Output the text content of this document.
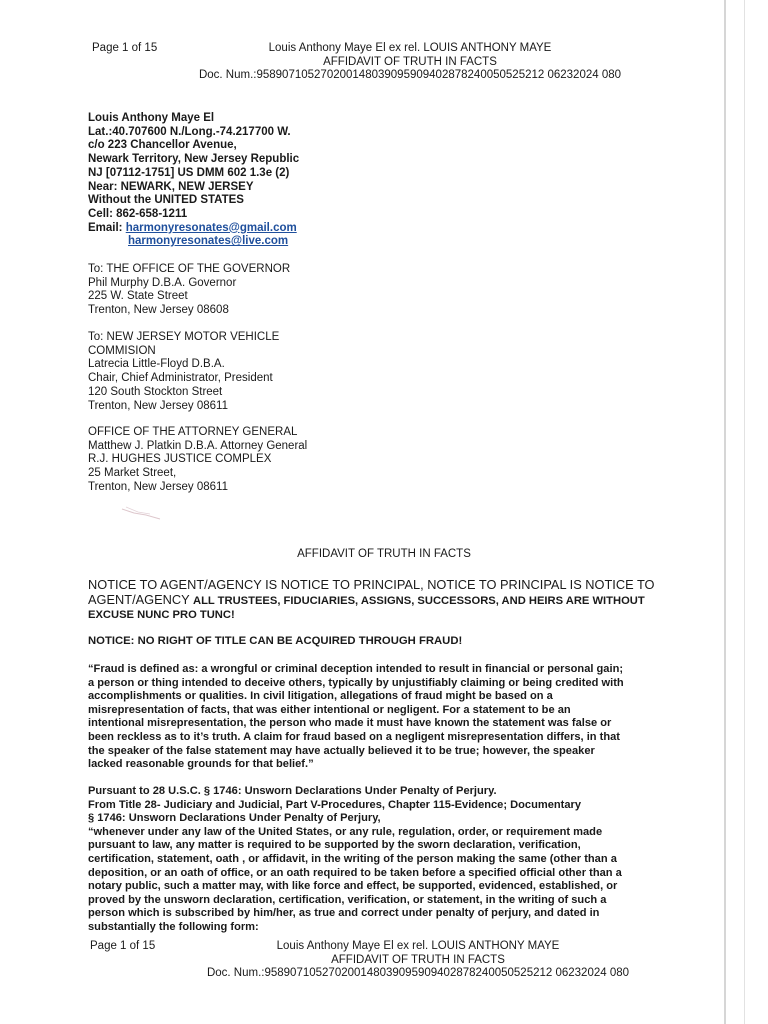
Page 1 of 15	Louis Anthony Maye El ex rel. LOUIS ANTHONY MAYE
AFFIDAVIT OF TRUTH IN FACTS
Doc. Num.:958907105270200148039095909402878240050525212 06232024 080
Louis Anthony Maye El
Lat.:40.707600 N./Long.-74.217700 W.
c/o 223 Chancellor Avenue,
Newark Territory, New Jersey Republic
NJ [07112-1751] US DMM 602 1.3e (2)
Near: NEWARK, NEW JERSEY
Without the UNITED STATES
Cell: 862-658-1211
Email: harmonyresonates@gmail.com
harmonyresonates@live.com
To: THE OFFICE OF THE GOVERNOR
Phil Murphy D.B.A. Governor
225 W. State Street
Trenton, New Jersey 08608
To: NEW JERSEY MOTOR VEHICLE
COMMISION
Latrecia Little-Floyd D.B.A.
Chair, Chief Administrator, President
120 South Stockton Street
Trenton, New Jersey 08611
OFFICE OF THE ATTORNEY GENERAL
Matthew J. Platkin D.B.A. Attorney General
R.J. HUGHES JUSTICE COMPLEX
25 Market Street,
Trenton, New Jersey 08611
AFFIDAVIT OF TRUTH IN FACTS
NOTICE TO AGENT/AGENCY IS NOTICE TO PRINCIPAL, NOTICE TO PRINCIPAL IS NOTICE TO
AGENT/AGENCY ALL TRUSTEES, FIDUCIARIES, ASSIGNS, SUCCESSORS, AND HEIRS ARE WITHOUT
EXCUSE NUNC PRO TUNC!
NOTICE: NO RIGHT OF TITLE CAN BE ACQUIRED THROUGH FRAUD!
“Fraud is defined as: a wrongful or criminal deception intended to result in financial or personal gain;
a person or thing intended to deceive others, typically by unjustifiably claiming or being credited with
accomplishments or qualities. In civil litigation, allegations of fraud might be based on a
misrepresentation of facts, that was either intentional or negligent. For a statement to be an
intentional misrepresentation, the person who made it must have known the statement was false or
been reckless as to it’s truth. A claim for fraud based on a negligent misrepresentation differs, in that
the speaker of the false statement may have actually believed it to be true; however, the speaker
lacked reasonable grounds for that belief.”
Pursuant to 28 U.S.C. § 1746: Unsworn Declarations Under Penalty of Perjury.
From Title 28- Judiciary and Judicial, Part V-Procedures, Chapter 115-Evidence; Documentary
§ 1746: Unsworn Declarations Under Penalty of Perjury,
“whenever under any law of the United States, or any rule, regulation, order, or requirement made
pursuant to law, any matter is required to be supported by the sworn declaration, verification,
certification, statement, oath , or affidavit, in the writing of the person making the same (other than a
deposition, or an oath of office, or an oath required to be taken before a specified official other than a
notary public, such a matter may, with like force and effect, be supported, evidenced, established, or
proved by the unsworn declaration, certification, verification, or statement, in the writing of such a
person which is subscribed by him/her, as true and correct under penalty of perjury, and dated in
substantially the following form:
Page 1 of 15	Louis Anthony Maye El ex rel. LOUIS ANTHONY MAYE
AFFIDAVIT OF TRUTH IN FACTS
Doc. Num.:958907105270200148039095909402878240050525212 06232024 080
